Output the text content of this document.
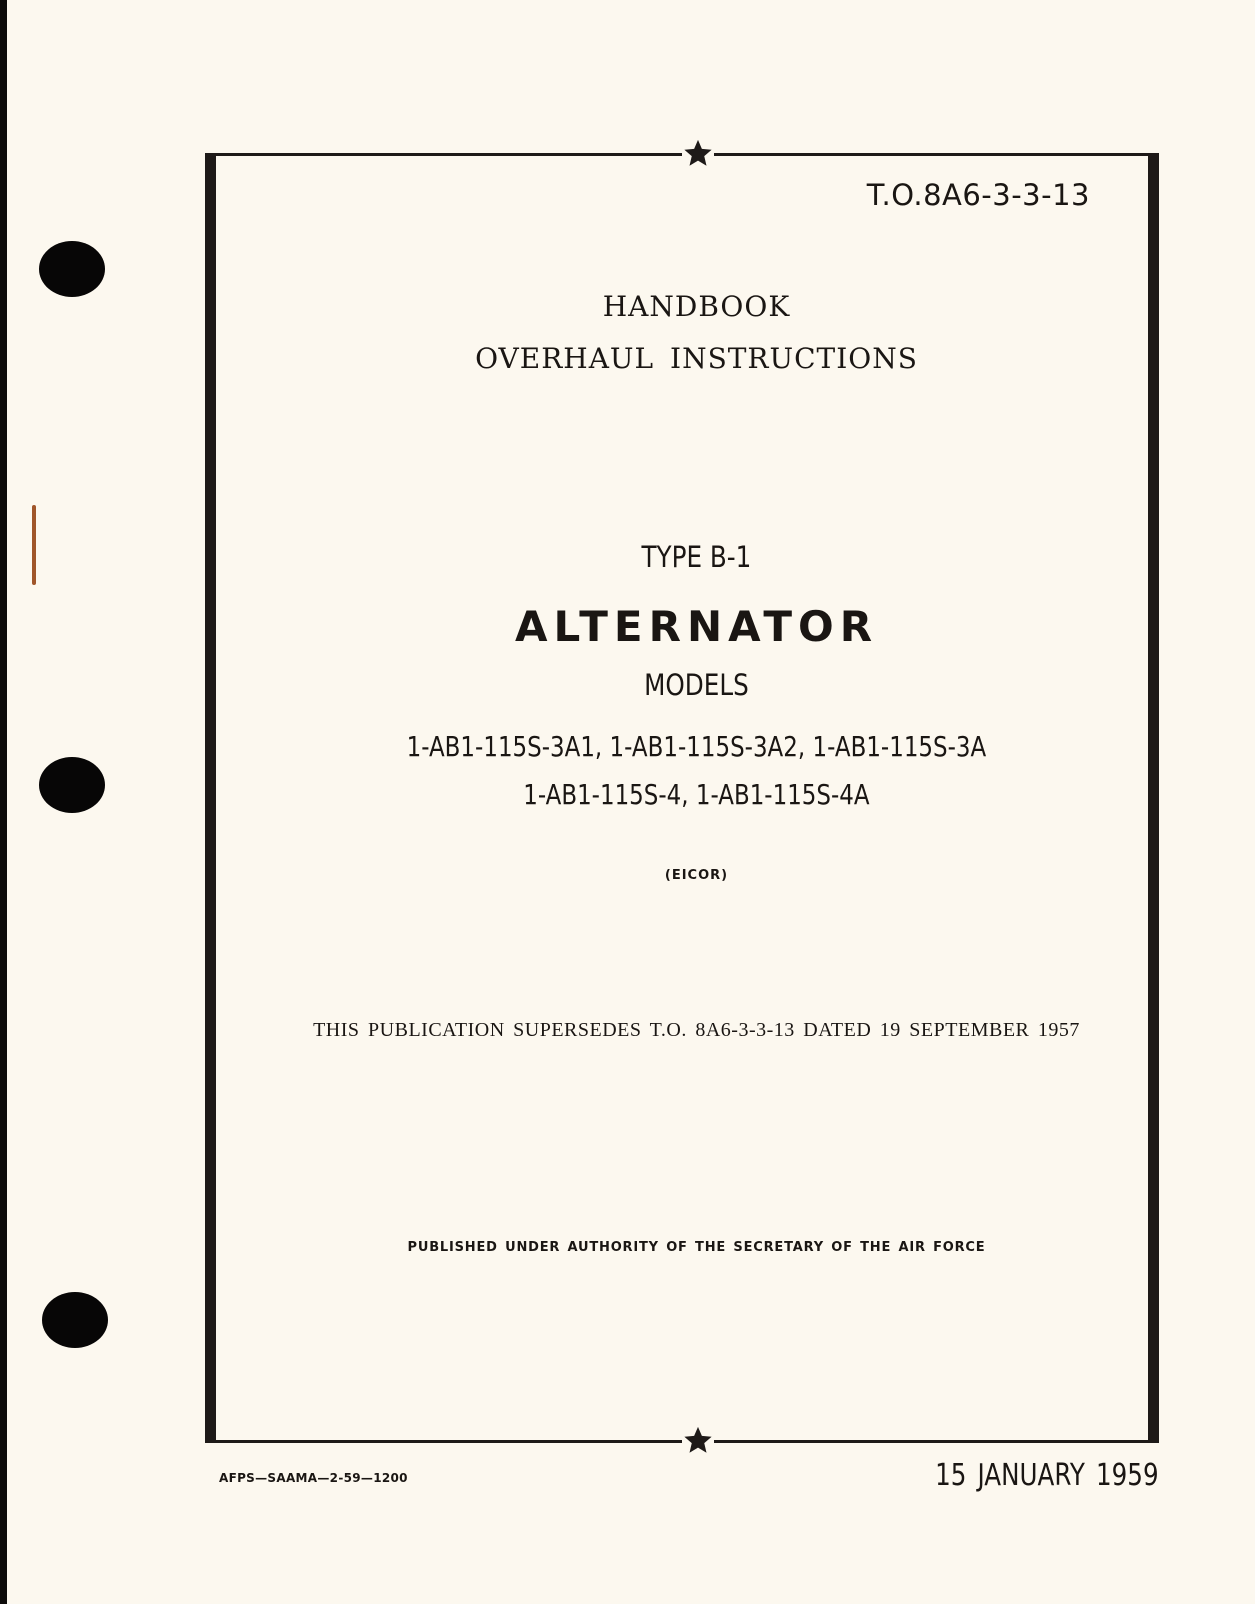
T.O.8A6-3-3-13
HANDBOOK
OVERHAUL INSTRUCTIONS
TYPE B-1
ALTERNATOR
MODELS
1-AB1-115S-3A1, 1-AB1-115S-3A2, 1-AB1-115S-3A
1-AB1-115S-4, 1-AB1-115S-4A
(EICOR)
THIS PUBLICATION SUPERSEDES T.O. 8A6-3-3-13 DATED 19 SEPTEMBER 1957
PUBLISHED UNDER AUTHORITY OF THE SECRETARY OF THE AIR FORCE
AFPS—SAAMA—2-59—1200	15 JANUARY 1959
